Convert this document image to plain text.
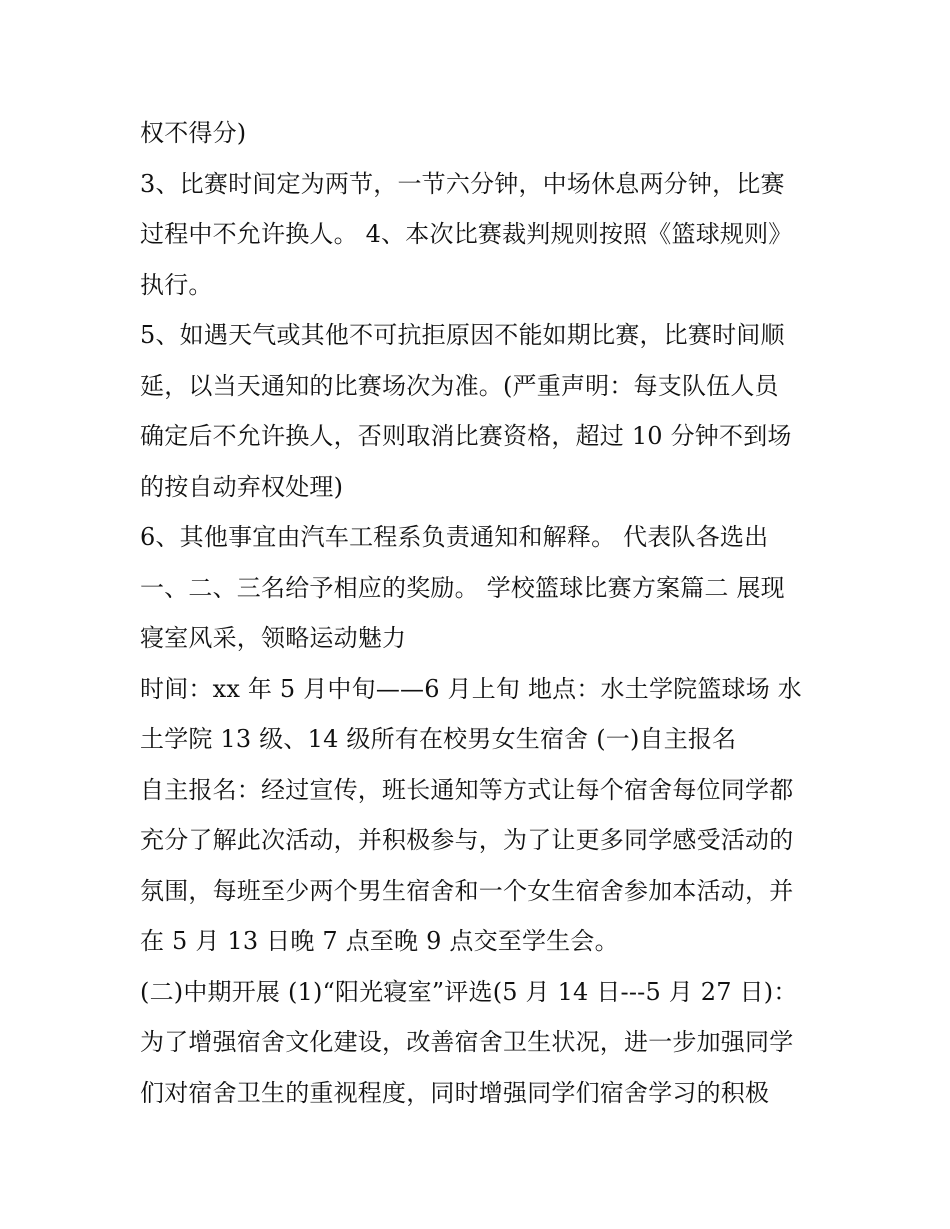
权不得分)
3、比赛时间定为两节，一节六分钟，中场休息两分钟，比赛
过程中不允许换人。 4、本次比赛裁判规则按照《篮球规则》
执行。
5、如遇天气或其他不可抗拒原因不能如期比赛，比赛时间顺
延，以当天通知的比赛场次为准。(严重声明：每支队伍人员
确定后不允许换人，否则取消比赛资格，超过 10 分钟不到场
的按自动弃权处理)
6、其他事宜由汽车工程系负责通知和解释。 代表队各选出
一、二、三名给予相应的奖励。 学校篮球比赛方案篇二 展现
寝室风采，领略运动魅力
时间：xx 年 5 月中旬——6 月上旬 地点：水土学院篮球场 水
土学院 13 级、14 级所有在校男女生宿舍 (一)自主报名
自主报名：经过宣传，班长通知等方式让每个宿舍每位同学都
充分了解此次活动，并积极参与，为了让更多同学感受活动的
氛围，每班至少两个男生宿舍和一个女生宿舍参加本活动，并
在 5 月 13 日晚 7 点至晚 9 点交至学生会。
(二)中期开展 (1)“阳光寝室”评选(5 月 14 日---5 月 27 日)：
为了增强宿舍文化建设，改善宿舍卫生状况，进一步加强同学
们对宿舍卫生的重视程度，同时增强同学们宿舍学习的积极
